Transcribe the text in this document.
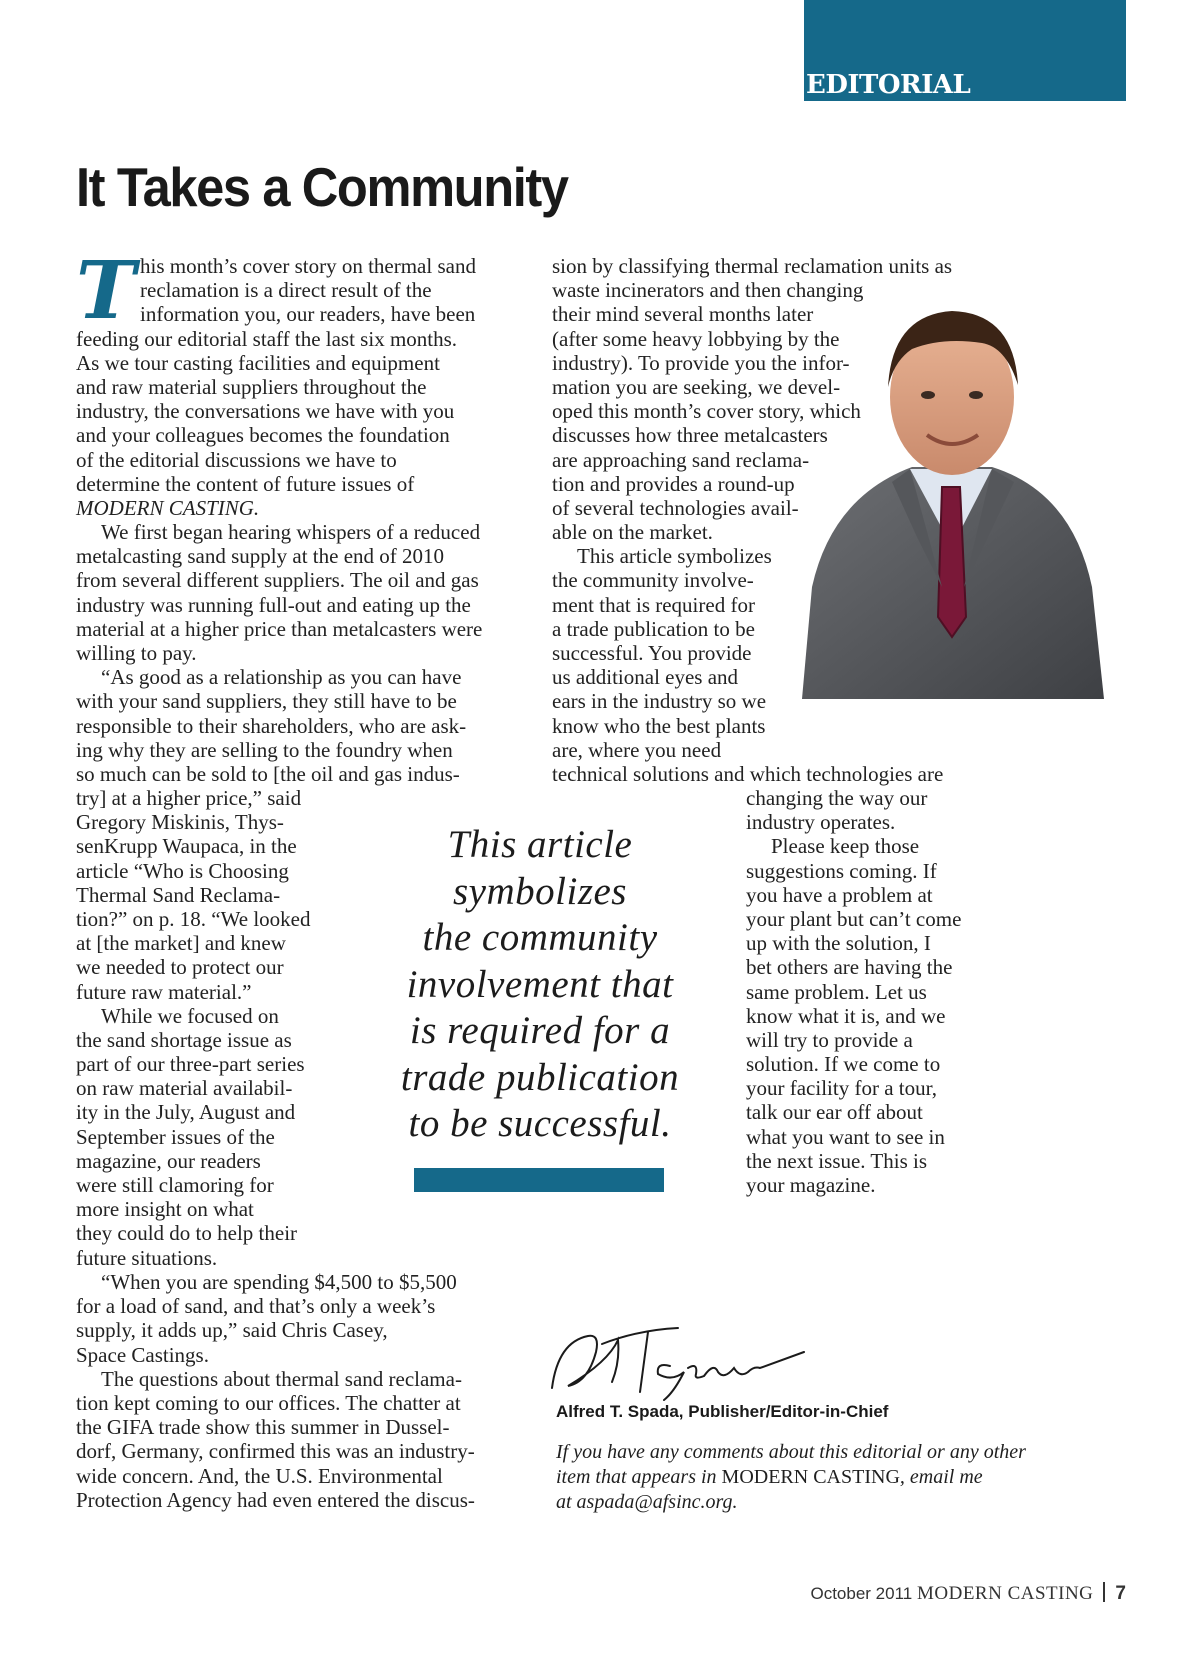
EDITORIAL
It Takes a Community
T his month’s cover story on thermal sand
reclamation is a direct result of the
information you, our readers, have been
feeding our editorial staff the last six months.
As we tour casting facilities and equipment
and raw material suppliers throughout the
industry, the conversations we have with you
and your colleagues becomes the foundation
of the editorial discussions we have to
determine the content of future issues of
MODERN CASTING.
We first began hearing whispers of a reduced
metalcasting sand supply at the end of 2010
from several different suppliers. The oil and gas
industry was running full-out and eating up the
material at a higher price than metalcasters were
willing to pay.
“As good as a relationship as you can have
with your sand suppliers, they still have to be
responsible to their shareholders, who are ask-
ing why they are selling to the foundry when
so much can be sold to [the oil and gas indus-
try] at a higher price,” said
Gregory Miskinis, Thys-
senKrupp Waupaca, in the
article “Who is Choosing
Thermal Sand Reclama-
tion?” on p. 18. “We looked
at [the market] and knew
we needed to protect our
future raw material.”
While we focused on
the sand shortage issue as
part of our three-part series
on raw material availabil-
ity in the July, August and
September issues of the
magazine, our readers
were still clamoring for
more insight on what
they could do to help their
future situations.
“When you are spending $4,500 to $5,500
for a load of sand, and that’s only a week’s
supply, it adds up,” said Chris Casey,
Space Castings.
The questions about thermal sand reclama-
tion kept coming to our offices. The chatter at
the GIFA trade show this summer in Dussel-
dorf, Germany, confirmed this was an industry-
wide concern. And, the U.S. Environmental
Protection Agency had even entered the discus-
sion by classifying thermal reclamation units as
waste incinerators and then changing
their mind several months later
(after some heavy lobbying by the
industry). To provide you the infor-
mation you are seeking, we devel-
oped this month’s cover story, which
discusses how three metalcasters
are approaching sand reclama-
tion and provides a round-up
of several technologies avail-
able on the market.
This article symbolizes
the community involve-
ment that is required for
a trade publication to be
successful. You provide
us additional eyes and
ears in the industry so we
know who the best plants
are, where you need
technical solutions and which technologies are
changing the way our
industry operates.
Please keep those
suggestions coming. If
you have a problem at
your plant but can’t come
up with the solution, I
bet others are having the
same problem. Let us
know what it is, and we
will try to provide a
solution. If we come to
your facility for a tour,
talk our ear off about
what you want to see in
the next issue. This is
your magazine.
This article
symbolizes
the community
involvement that
is required for a
trade publication
to be successful.
Alfred T. Spada, Publisher/Editor-in-Chief
If you have any comments about this editorial or any other
item that appears in MODERN CASTING, email me
at aspada@afsinc.org.
October 2011 MODERN CASTING 7
